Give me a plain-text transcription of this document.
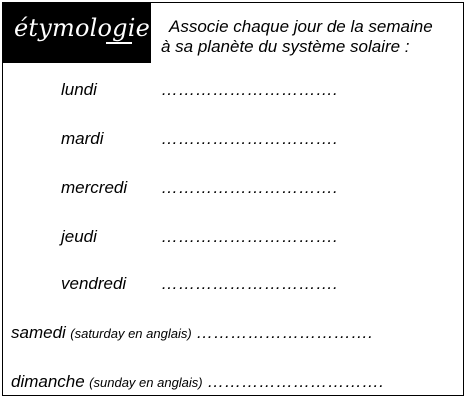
étymologie	Associe chaque jour de la semaine
à sa planète du système solaire :
lundi	………………………….
mardi	………………………….
mercredi ………………………….
jeudi	………………………….
vendredi ………………………….
samedi (saturday en anglais) ………………………….
dimanche (sunday en anglais) ………………………….
